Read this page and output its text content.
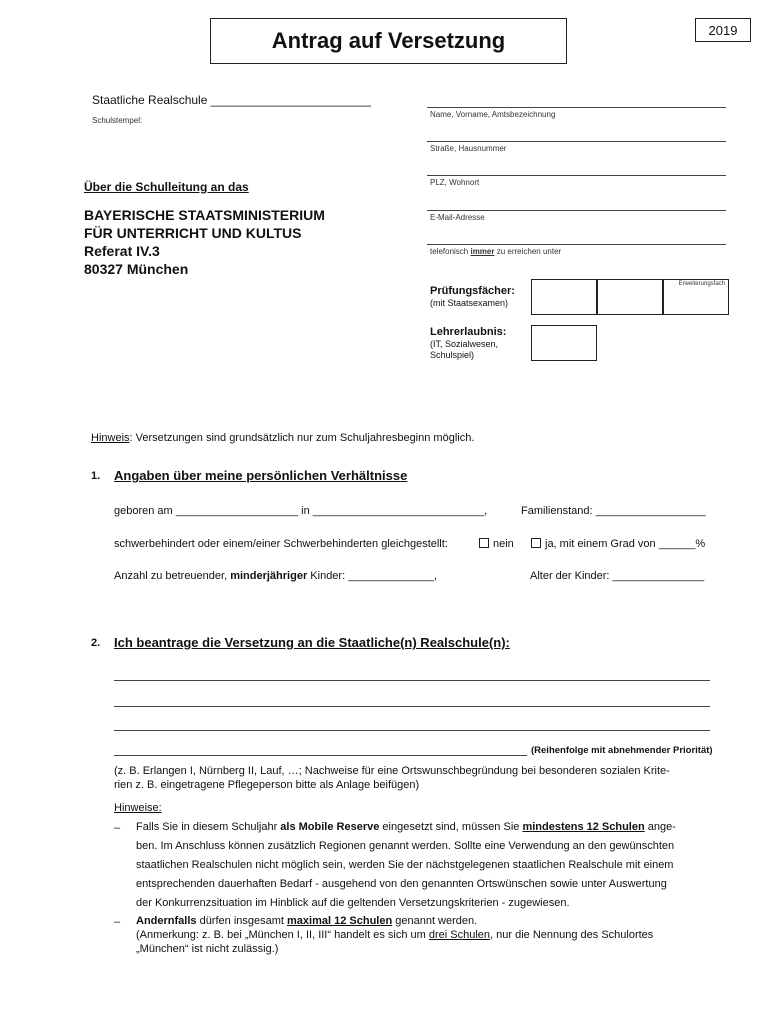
Antrag auf Versetzung	2019
Staatliche Realschule ________________________
Schulstempel:
Name, Vorname, Amtsbezeichnung
Straße, Hausnummer
PLZ, Wohnort
E-Mail-Adresse
telefonisch immer zu erreichen unter
Über die Schulleitung an das
BAYERISCHE STAATSMINISTERIUM
FÜR UNTERRICHT UND KULTUS
Referat IV.3
80327 München
Prüfungsfächer:
(mit Staatsexamen)
Erweiterungsfach
Lehrerlaubnis:
(IT, Sozialwesen,
Schulspiel)
Hinweis: Versetzungen sind grundsätzlich nur zum Schuljahresbeginn möglich.
1. Angaben über meine persönlichen Verhältnisse
geboren am ____________________ in ____________________________,	Familienstand: __________________
schwerbehindert oder einem/einer Schwerbehinderten gleichgestellt:	nein	ja, mit einem Grad von ______%
Anzahl zu betreuender, minderjähriger Kinder: ______________,	Alter der Kinder: _______________
2. Ich beantrage die Versetzung an die Staatliche(n) Realschule(n):
(Reihenfolge mit abnehmender Priorität)
(z. B. Erlangen I, Nürnberg II, Lauf, …; Nachweise für eine Ortswunschbegründung bei besonderen sozialen Krite-
rien z. B. eingetragene Pflegeperson bitte als Anlage beifügen)
Hinweise:
– Falls Sie in diesem Schuljahr als Mobile Reserve eingesetzt sind, müssen Sie mindestens 12 Schulen ange-
ben. Im Anschluss können zusätzlich Regionen genannt werden. Sollte eine Verwendung an den gewünschten
staatlichen Realschulen nicht möglich sein, werden Sie der nächstgelegenen staatlichen Realschule mit einem
entsprechenden dauerhaften Bedarf - ausgehend von den genannten Ortswünschen sowie unter Auswertung
der Konkurrenzsituation im Hinblick auf die geltenden Versetzungskriterien - zugewiesen.
– Andernfalls dürfen insgesamt maximal 12 Schulen genannt werden.
(Anmerkung: z. B. bei „München I, II, III“ handelt es sich um drei Schulen, nur die Nennung des Schulortes
„München“ ist nicht zulässig.)
